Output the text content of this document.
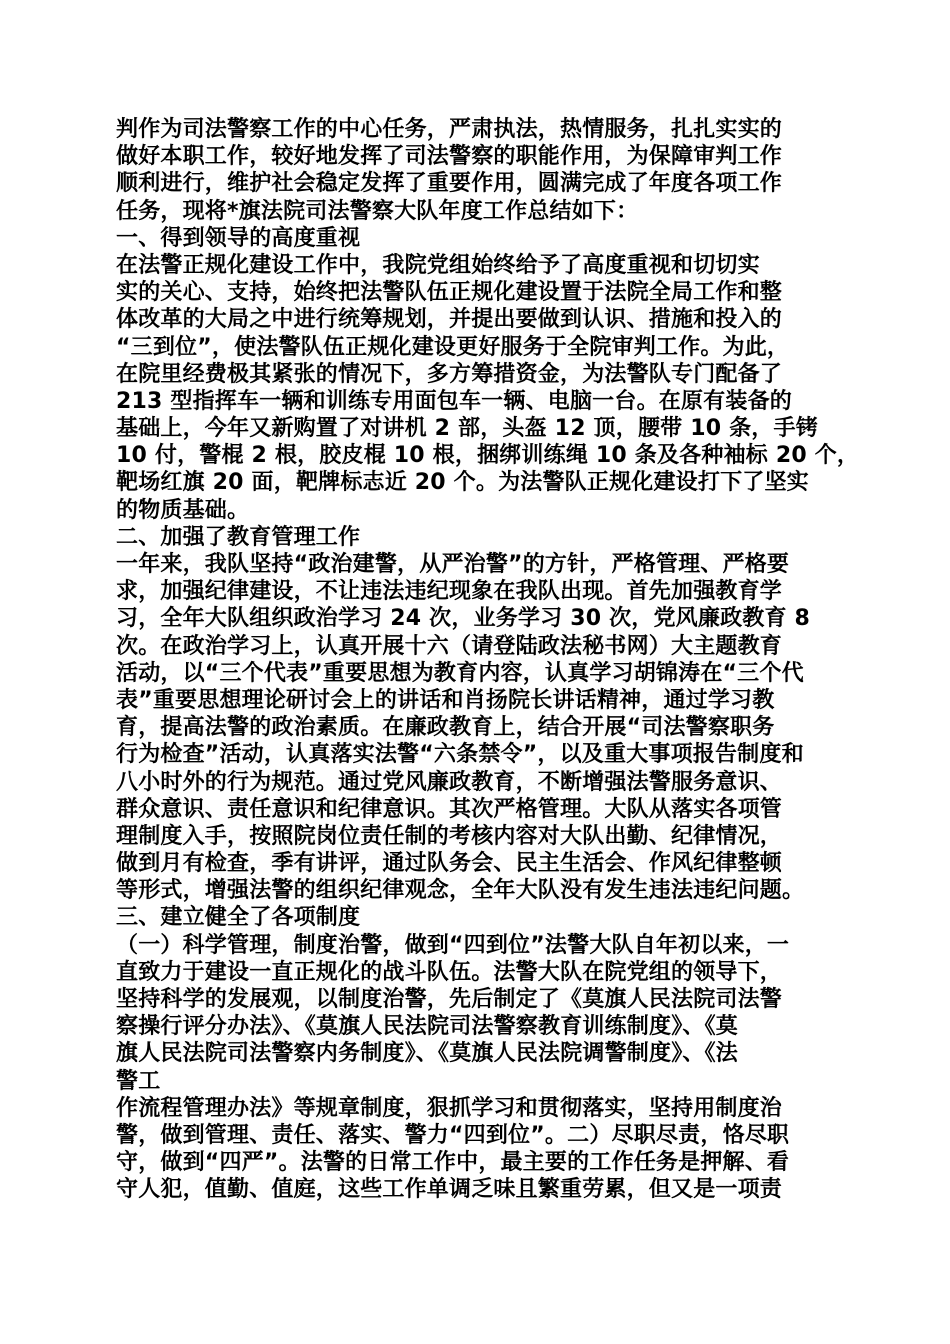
判作为司法警察工作的中心任务，严肃执法，热情服务，扎扎实实的
做好本职工作，较好地发挥了司法警察的职能作用，为保障审判工作
顺利进行，维护社会稳定发挥了重要作用，圆满完成了年度各项工作
任务，现将*旗法院司法警察大队年度工作总结如下：
一、得到领导的高度重视
在法警正规化建设工作中，我院党组始终给予了高度重视和切切实
实的关心、支持，始终把法警队伍正规化建设置于法院全局工作和整
体改革的大局之中进行统筹规划，并提出要做到认识、措施和投入的
“三到位”，使法警队伍正规化建设更好服务于全院审判工作。为此，
在院里经费极其紧张的情况下，多方筹措资金，为法警队专门配备了
213 型指挥车一辆和训练专用面包车一辆、电脑一台。在原有装备的
基础上，今年又新购置了对讲机 2 部，头盔 12 顶，腰带 10 条，手铐
10 付，警棍 2 根，胶皮棍 10 根，捆绑训练绳 10 条及各种袖标 20 个，
靶场红旗 20 面，靶牌标志近 20 个。为法警队正规化建设打下了坚实
的物质基础。
二、加强了教育管理工作
一年来，我队坚持“政治建警，从严治警”的方针，严格管理、严格要
求，加强纪律建设，不让违法违纪现象在我队出现。首先加强教育学
习，全年大队组织政治学习 24 次，业务学习 30 次，党风廉政教育 8
次。在政治学习上，认真开展十六（请登陆政法秘书网）大主题教育
活动，以“三个代表”重要思想为教育内容，认真学习胡锦涛在“三个代
表”重要思想理论研讨会上的讲话和肖扬院长讲话精神，通过学习教
育，提高法警的政治素质。在廉政教育上，结合开展“司法警察职务
行为检查”活动，认真落实法警“六条禁令”，以及重大事项报告制度和
八小时外的行为规范。通过党风廉政教育，不断增强法警服务意识、
群众意识、责任意识和纪律意识。其次严格管理。大队从落实各项管
理制度入手，按照院岗位责任制的考核内容对大队出勤、纪律情况，
做到月有检查，季有讲评，通过队务会、民主生活会、作风纪律整顿
等形式，增强法警的组织纪律观念，全年大队没有发生违法违纪问题。
三、建立健全了各项制度
（一）科学管理，制度治警，做到“四到位”法警大队自年初以来，一
直致力于建设一直正规化的战斗队伍。法警大队在院党组的领导下，
坚持科学的发展观，以制度治警，先后制定了《莫旗人民法院司法警
察操行评分办法》、《莫旗人民法院司法警察教育训练制度》、《莫
旗人民法院司法警察内务制度》、《莫旗人民法院调警制度》、《法
警工
作流程管理办法》等规章制度，狠抓学习和贯彻落实，坚持用制度治
警，做到管理、责任、落实、警力“四到位”。二）尽职尽责，恪尽职
守，做到“四严”。法警的日常工作中，最主要的工作任务是押解、看
守人犯，值勤、值庭，这些工作单调乏味且繁重劳累，但又是一项责
